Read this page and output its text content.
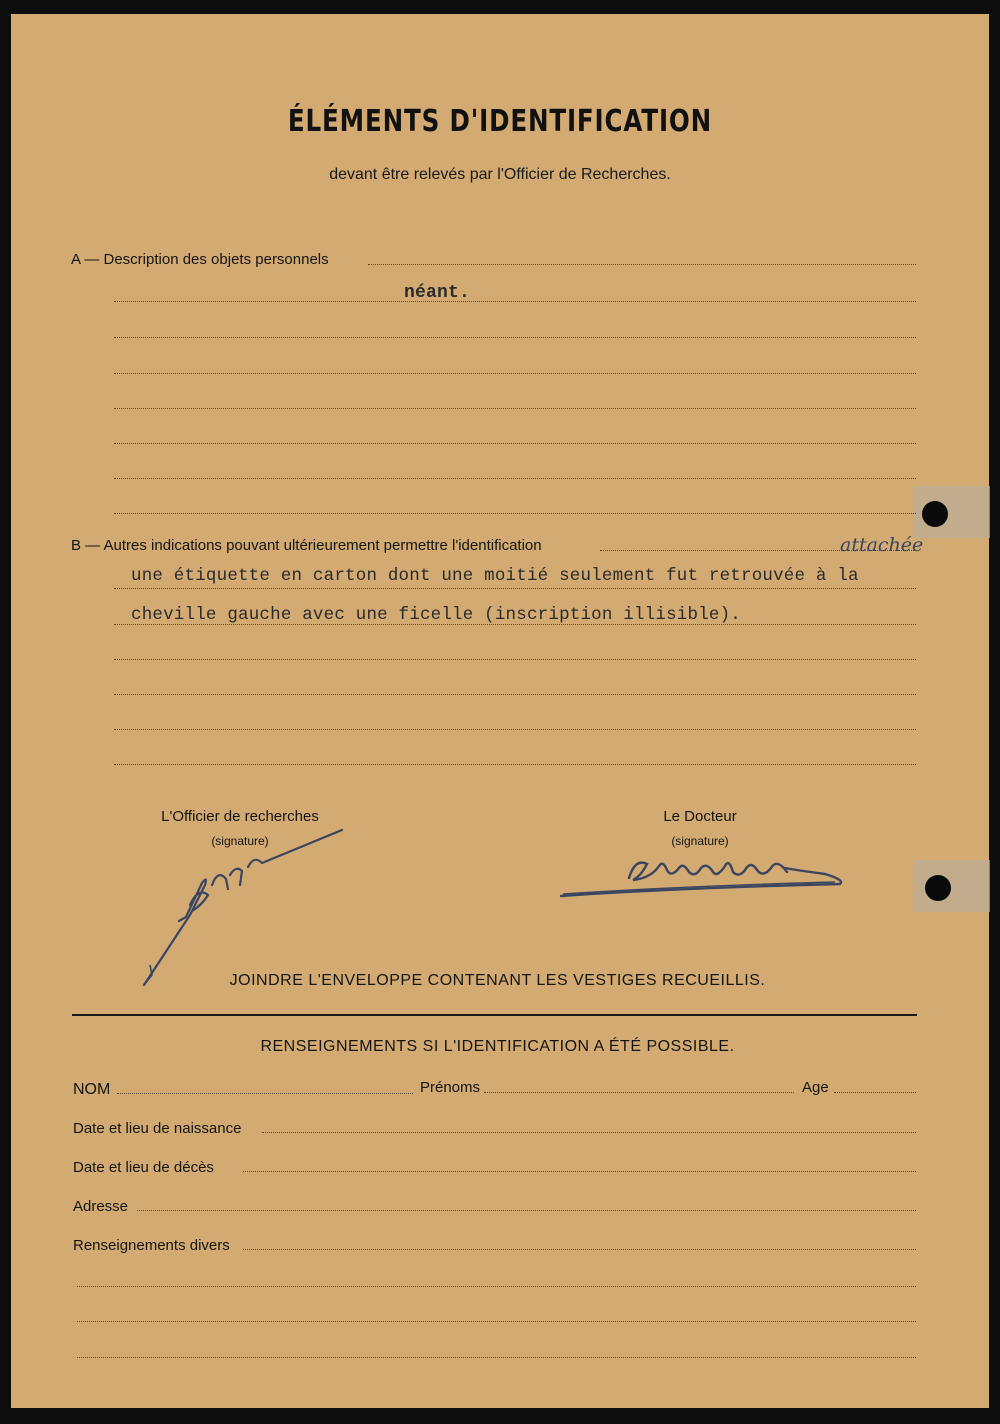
ÉLÉMENTS D'IDENTIFICATION
devant être relevés par l'Officier de Recherches.
A — Description des objets personnels
néant.
B — Autres indications pouvant ultérieurement permettre l'identification	attachée
une étiquette en carton dont une moitié seulement fut retrouvée à la
cheville gauche avec une ficelle (inscription illisible).
L'Officier de recherches
(signature)
Le Docteur
(signature)
JOINDRE L'ENVELOPPE CONTENANT LES VESTIGES RECUEILLIS.
RENSEIGNEMENTS SI L'IDENTIFICATION A ÉTÉ POSSIBLE.
NOM	Prénoms	Age
Date et lieu de naissance
Date et lieu de décès
Adresse
Renseignements divers
